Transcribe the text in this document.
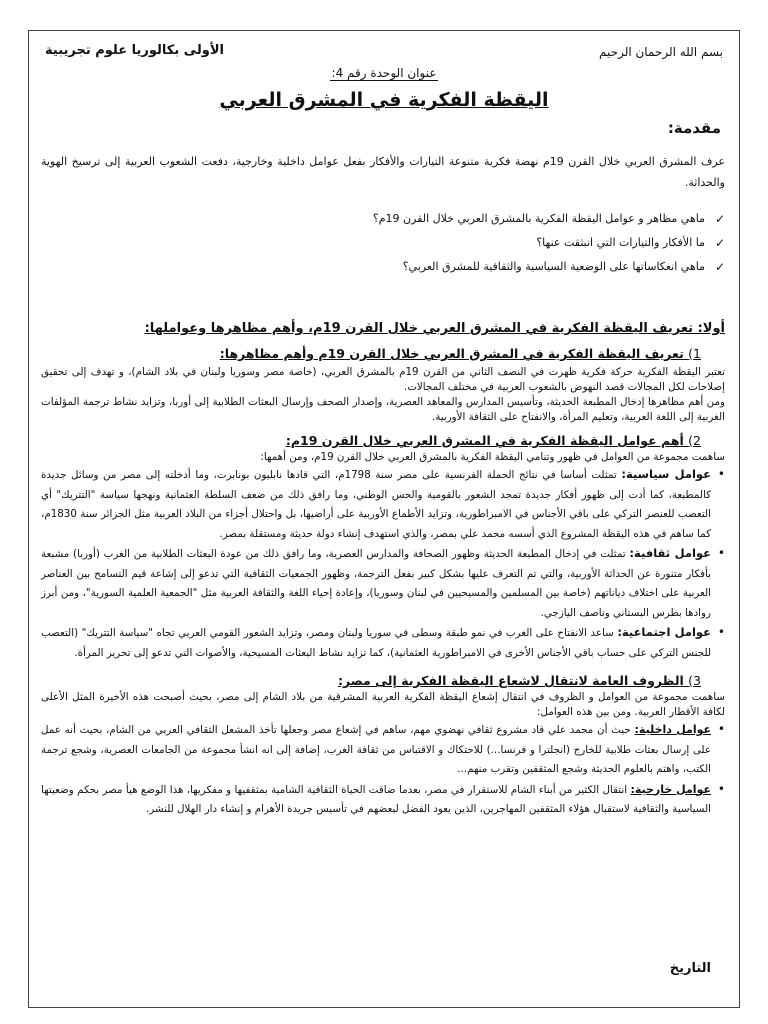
بسم الله الرحمان الرحيم
الأولى بكالوريا علوم تجريبية
عنوان الوحدة رقم 4:
اليقظة الفكرية في المشرق العربي
مقدمة:

عرف المشرق العربي خلال القرن 19م نهضة فكرية متنوعة التيارات والأفكار بفعل عوامل داخلية وخارجية، دفعت الشعوب العربية إلى ترسيخ الهوية والحداثة.

✓
ماهي مظاهر و عوامل اليقظة الفكرية بالمشرق العربي خلال القرن 19م؟
✓
ما الأفكار والتيارات التي انبثقت عنها؟
✓
ماهي انعكاساتها على الوضعية السياسية والثقافية للمشرق العربي؟
أولا: تعريف اليقظة الفكرية في المشرق العربي خلال القرن 19م، وأهم مظاهرها وعواملها:
1) تعريف اليقظة الفكرية في المشرق العربي خلال القرن 19م وأهم مظاهرها:

تعتبر اليقظة الفكرية حركة فكرية ظهرت في النصف الثاني من القرن 19م بالمشرق العربي، (خاصة مصر وسوريا ولبنان في بلاد الشام)، و تهدف إلى تحقيق إصلاحات لكل المجالات قصد النهوض بالشعوب العربية في مختلف المجالات.

ومن أهم مظاهرها إدخال المطبعة الحديثة، وتأسيس المدارس والمعاهد العصرية، وإصدار الصحف وإرسال البعثات الطلابية إلى أوربا، وتزايد نشاط ترجمة المؤلفات الغربية إلى اللغة العربية، وتعليم المرأة، والانفتاح على الثقافة الأوربية.

2) أهم عوامل اليقظة الفكرية في المشرق العربي خلال القرن 19م:

ساهمت مجموعة من العوامل في ظهور وتنامي اليقظة الفكرية بالمشرق العربي خلال القرن 19م، ومن أهمها:

•
عوامل سياسية: تمثلت أساسا في نتائج الحملة الفرنسية على مصر سنة 1798م، التي قادها نابليون بونابرت، وما أدخلته إلى مصر من وسائل جديدة كالمطبعة، كما أدت إلى ظهور أفكار جديدة تمجد الشعور بالقومية والحس الوطني، وما رافق ذلك من ضعف السلطة العثمانية ونهجها سياسة "التتريك" أي التعصب للعنصر التركي على باقي الأجناس في الامبراطورية، وتزايد الأطماع الأوربية على أراضيها، بل واحتلال أجزاء من البلاد العربية مثل الجزائر سنة 1830م، كما ساهم في هذه اليقظة المشروع الذي أسسه محمد علي بمصر، والذي استهدف إنشاء دولة حديثة ومستقلة بمصر.
•
عوامل ثقافية: تمثلت في إدخال المطبعة الحديثة وظهور الصحافة والمدارس العصرية، وما رافق ذلك من عودة البعثات الطلابية من الغرب (أوربا) مشبعة بأفكار متنورة عن الحداثة الأوربية، والتي تم التعرف عليها بشكل كبير بفعل الترجمة، وظهور الجمعيات الثقافية التي تدعو إلى إشاعة قيم التسامح بين العناصر العربية على اختلاف دياناتهم (خاصة بين المسلمين والمسيحيين في لبنان وسوريا)، وإعادة إحياء اللغة والثقافة العربية مثل "الجمعية العلمية السورية"، ومن أبرز روادها بطرس البستاني وناصف اليازجي.
•
عوامل اجتماعية: ساعد الانفتاح على الغرب في نمو طبقة وسطى في سوريا ولبنان ومصر، وتزايد الشعور القومي العربي تجاه "سياسة التتريك" (التعصب للجنس التركي على حساب باقي الأجناس الأخرى في الامبراطورية العثمانية)، كما تزايد نشاط البعثات المسيحية، والأصوات التي تدعو إلى تحرير المرأة.
3) الظروف العامة لانتقال لاشعاع اليقظة الفكرية إلى مصر:

ساهمت مجموعة من العوامل و الظروف في انتقال إشعاع اليقظة الفكرية العربية المشرقية من بلاد الشام إلى مصر، بحيث أصبحت هذه الأخيرة المثل الأعلى لكافة الأقطار العربية. ومن بين هذه العوامل:

•
عوامل داخلية: حيث أن محمد علي قاد مشروع ثقافي نهضوي مهم، ساهم في إشعاع مصر وجعلها تأخذ المشعل الثقافي العربي من الشام، بحيث أنه عمل على إرسال بعثات طلابية للخارج (انجلترا و فرنسا...) للاحتكاك و الاقتباس من ثقافة الغرب، إضافة إلى انه انشأ مجموعة من الجامعات العصرية، وشجع ترجمة الكتب، واهتم بالعلوم الحديثة وشجع المثقفين وتقرب منهم...
•
عوامل خارجية: انتقال الكثير من أبناء الشام للاستقرار في مصر، بعدما ضاقت الحياة الثقافية الشامية بمثقفيها و مفكريها، هذا الوضع هيأ مصر بحكم وضعيتها السياسية والثقافية لاستقبال هؤلاء المثقفين المهاجرين، الذين يعود الفضل لبعضهم في تأسيس جريدة الأهرام و إنشاء دار الهلال للنشر.
التاريخ
